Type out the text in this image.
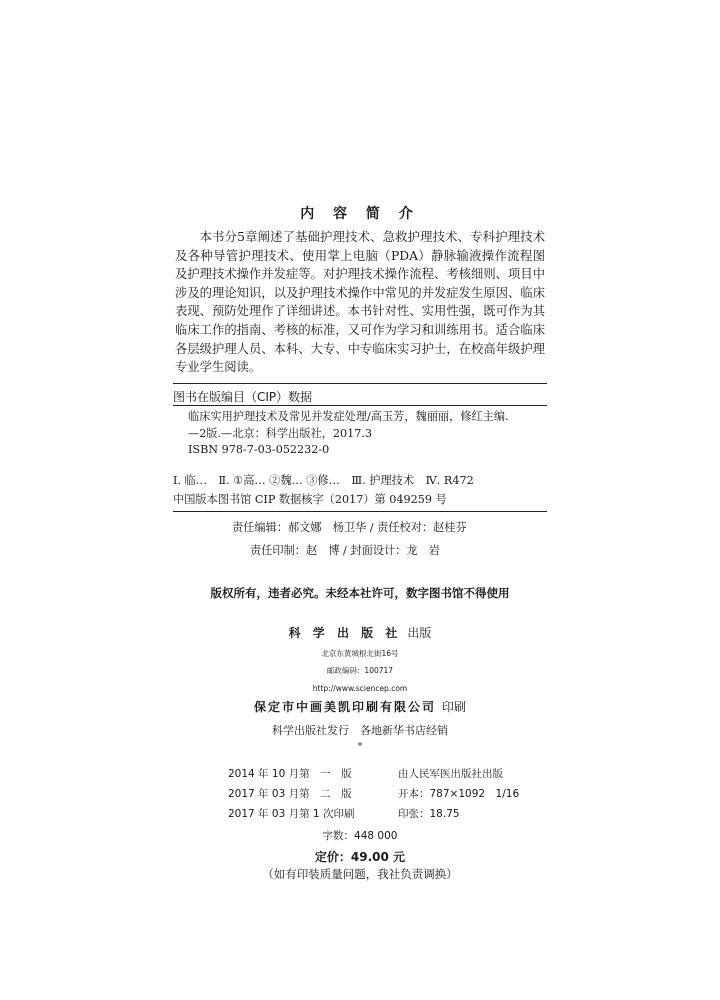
内 容 简 介

本书分5章阐述了基础护理技术、急救护理技术、专科护理技术及各种导管护理技术、使用掌上电脑（PDA）静脉输液操作流程图及护理技术操作并发症等。对护理技术操作流程、考核细则、项目中涉及的理论知识，以及护理技术操作中常见的并发症发生原因、临床表现、预防处理作了详细讲述。本书针对性、实用性强，既可作为其临床工作的指南、考核的标准，又可作为学习和训练用书。适合临床各层级护理人员、本科、大专、中专临床实习护士，在校高年级护理专业学生阅读。

图书在版编目（CIP）数据
临床实用护理技术及常见并发症处理/高玉芳，魏丽丽，修红主编.
—2版.—北京：科学出版社，2017.3
ISBN 978-7-03-052232-0
Ⅰ. 临… Ⅱ. ①高… ②魏… ③修… Ⅲ. 护理技术 Ⅳ. R472
中国版本图书馆 CIP 数据核字（2017）第 049259 号
责任编辑：郝文娜　杨卫华 / 责任校对：赵桂芬
责任印制：赵　博 / 封面设计：龙　岩
版权所有，违者必究。未经本社许可，数字图书馆不得使用
科 学 出 版 社 出版
北京东黄城根北街16号
邮政编码：100717
http://www.sciencep.com
保定市中画美凯印刷有限公司 印刷
科学出版社发行　各地新华书店经销
*
2014 年 10 月第　一　版	由人民军医出版社出版
2017 年 03 月第　二　版	开本：787×1092　1/16
2017 年 03 月第 1 次印刷	印张：18.75
字数：448 000
定价：49.00 元
（如有印装质量问题，我社负责调换）
